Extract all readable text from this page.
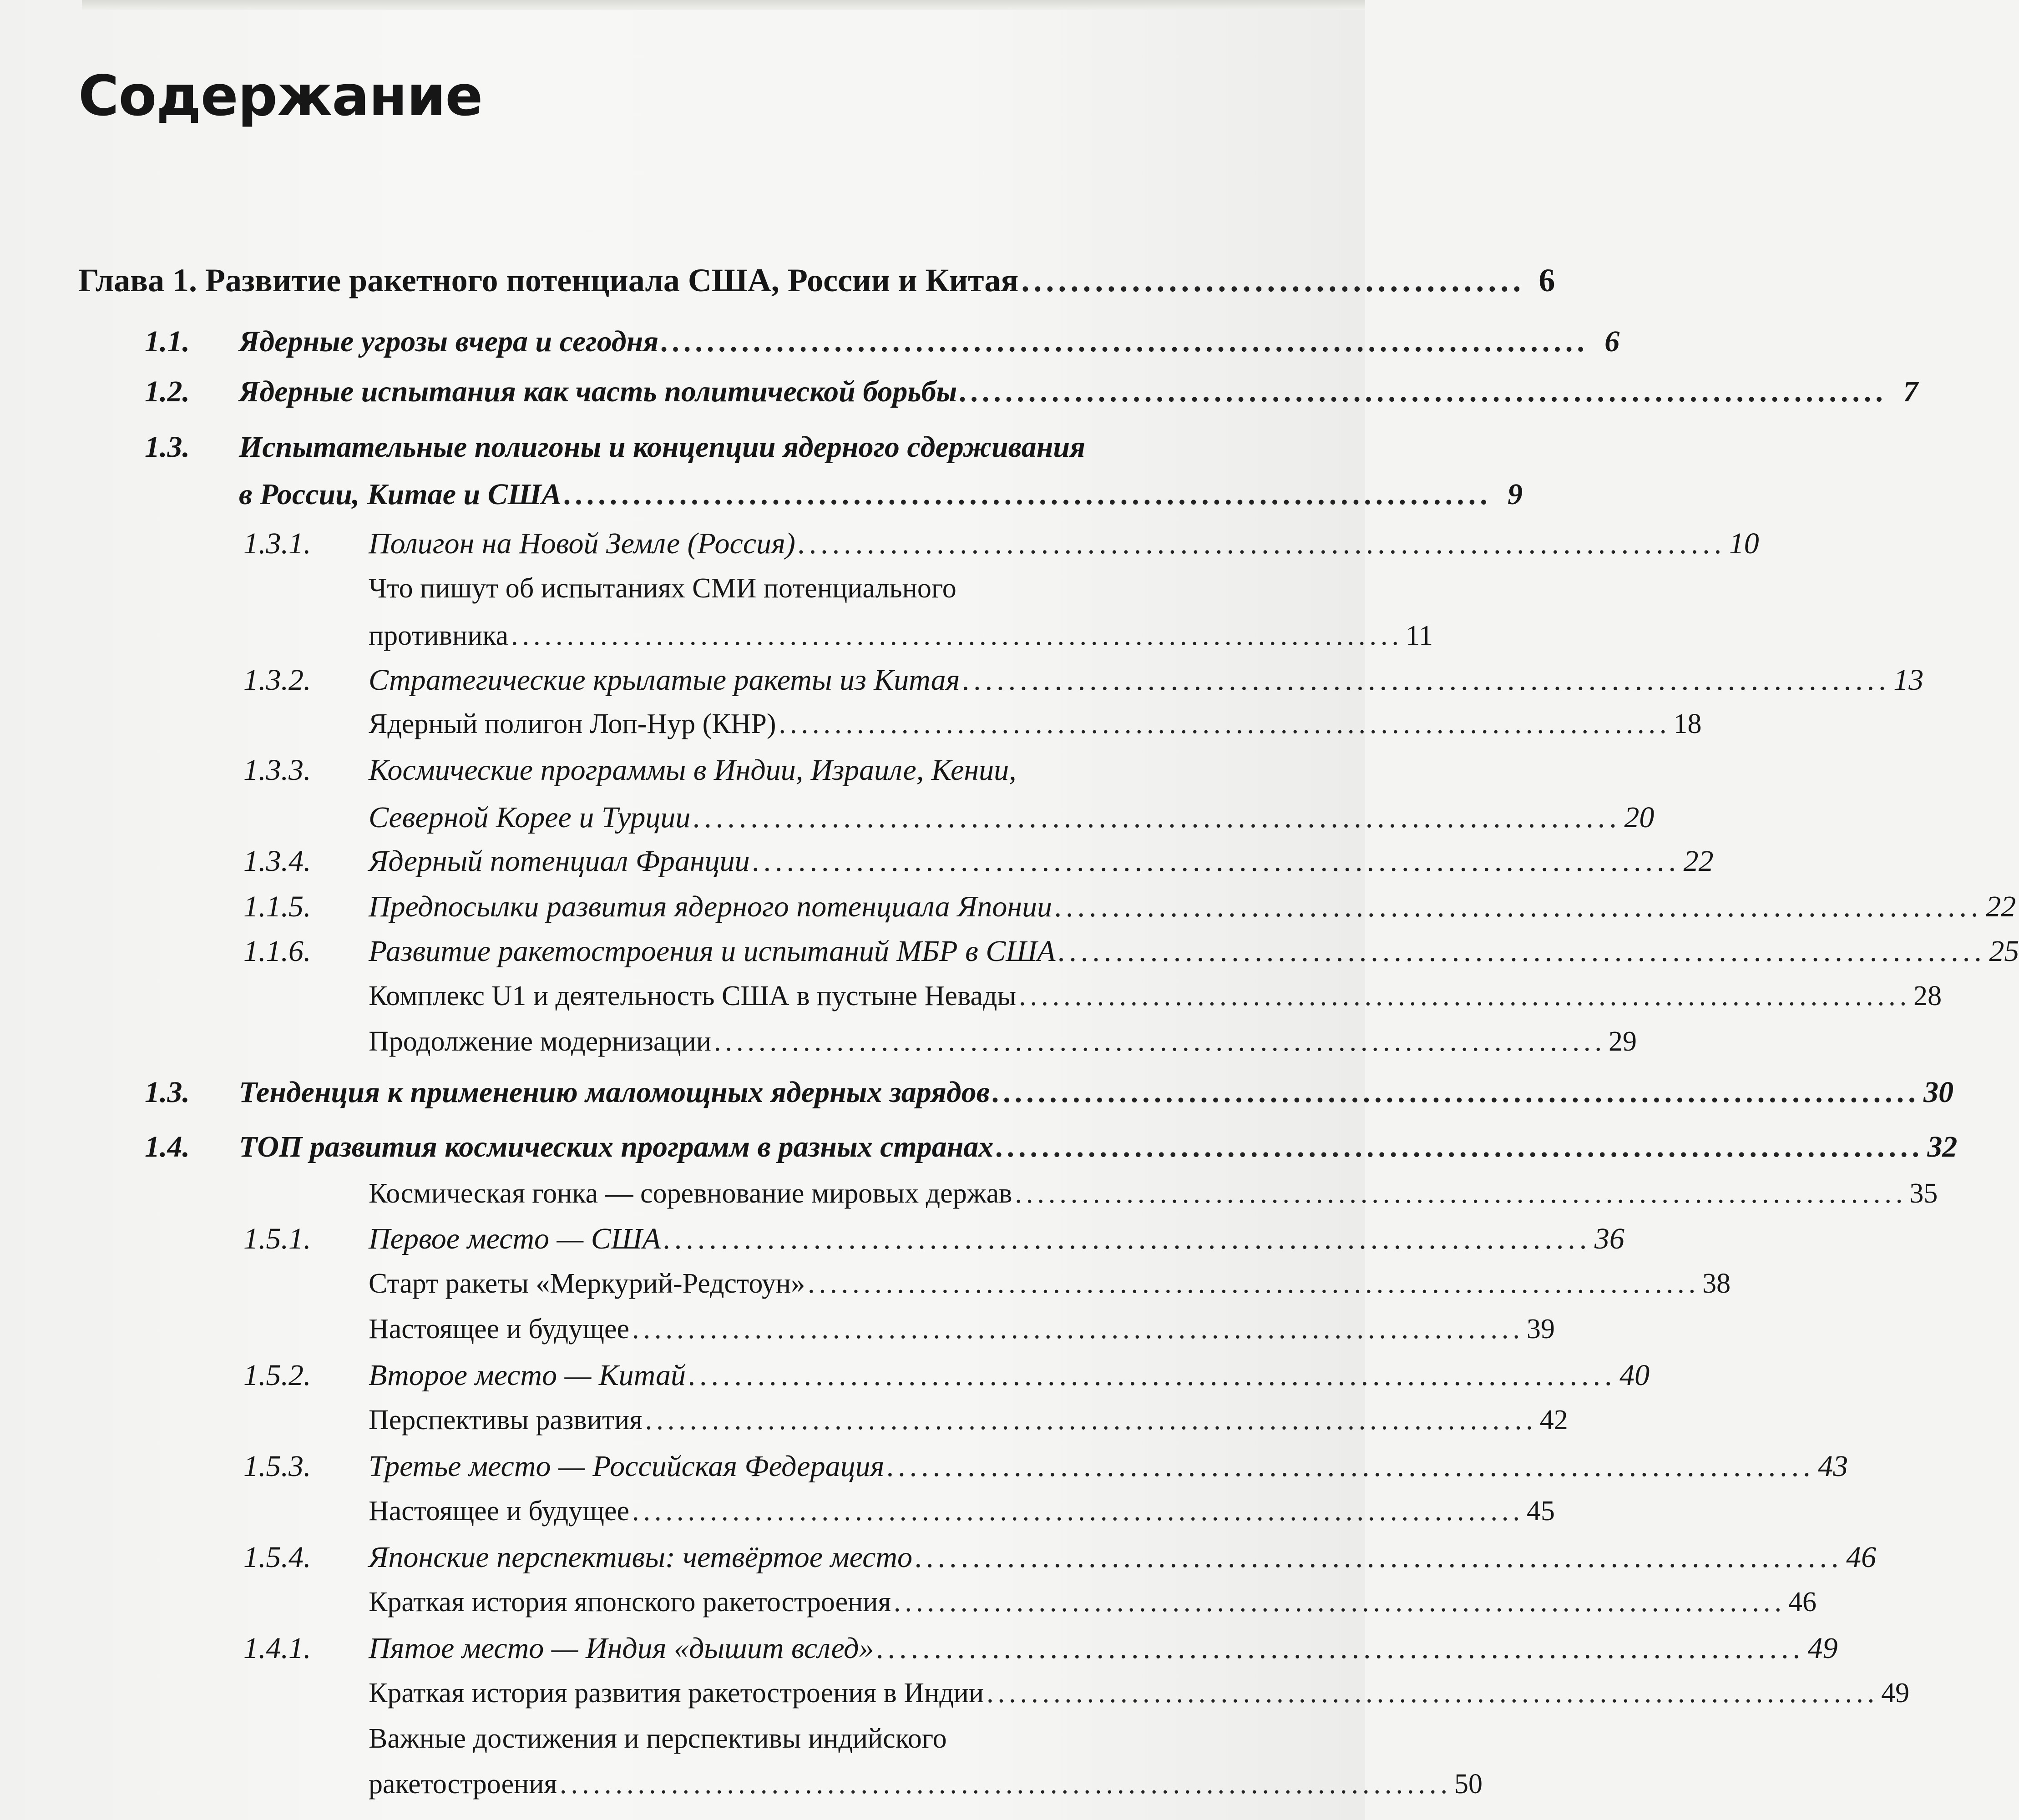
Содержание
Глава 1. Развитие ракетного потенциала США, России и Китая ......................................... 6
1.1. Ядерные угрозы вчера и сегодня ................................................................................ 6
1.2. Ядерные испытания как часть политической борьбы ................................................................................ 7
1.3. Испытательные полигоны и концепции ядерного сдерживания
в России, Китае и США ................................................................................ 9
1.3.1. Полигон на Новой Земле (Россия) ................................................................................ 10
Что пишут об испытаниях СМИ потенциального
противника ................................................................................ 11
1.3.2. Стратегические крылатые ракеты из Китая ................................................................................ 13
Ядерный полигон Лоп-Нур (КНР) ................................................................................ 18
1.3.3. Космические программы в Индии, Израиле, Кении,
Северной Корее и Турции ................................................................................ 20
1.3.4. Ядерный потенциал Франции ................................................................................ 22
1.1.5. Предпосылки развития ядерного потенциала Японии ................................................................................ 22
1.1.6. Развитие ракетостроения и испытаний МБР в США ................................................................................ 25
Комплекс U1 и деятельность США в пустыне Невады ................................................................................ 28
Продолжение модернизации ................................................................................ 29
1.3. Тенденция к применению маломощных ядерных зарядов ................................................................................ 30
1.4. ТОП развития космических программ в разных странах ................................................................................ 32
Космическая гонка — соревнование мировых держав ................................................................................ 35
1.5.1. Первое место — США ................................................................................ 36
Старт ракеты «Меркурий-Редстоун» ................................................................................ 38
Настоящее и будущее ................................................................................ 39
1.5.2. Второе место — Китай ................................................................................ 40
Перспективы развития ................................................................................ 42
1.5.3. Третье место — Российская Федерация ................................................................................ 43
Настоящее и будущее ................................................................................ 45
1.5.4. Японские перспективы: четвёртое место ................................................................................ 46
Краткая история японского ракетостроения ................................................................................ 46
1.4.1. Пятое место — Индия «дышит вслед» ................................................................................ 49
Краткая история развития ракетостроения в Индии ................................................................................ 49
Важные достижения и перспективы индийского
ракетостроения ................................................................................ 50
